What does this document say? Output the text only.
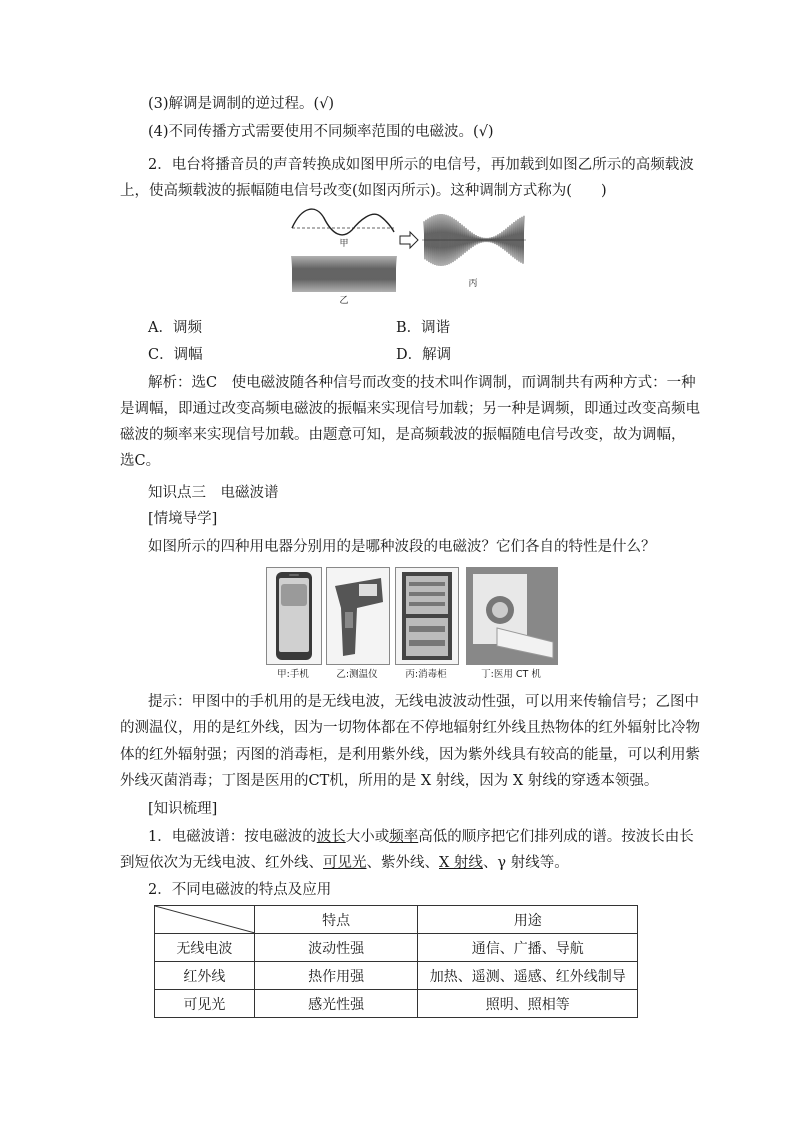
(3)解调是调制的逆过程。(√)
(4)不同传播方式需要使用不同频率范围的电磁波。(√)
2．电台将播音员的声音转换成如图甲所示的电信号，再加载到如图乙所示的高频载波
上，使高频载波的振幅随电信号改变(如图丙所示)。这种调制方式称为(　　)
甲
乙
丙
A．调频	B．调谐
C．调幅	D．解调
解析：选C　使电磁波随各种信号而改变的技术叫作调制，而调制共有两种方式：一种
是调幅，即通过改变高频电磁波的振幅来实现信号加载；另一种是调频，即通过改变高频电
磁波的频率来实现信号加载。由题意可知，是高频载波的振幅随电信号改变，故为调幅，
选C。
知识点三　电磁波谱
[情境导学]
如图所示的四种用电器分别用的是哪种波段的电磁波？它们各自的特性是什么？
甲:手机	乙:测温仪	丙:消毒柜	丁:医用 CT 机
提示：甲图中的手机用的是无线电波，无线电波波动性强，可以用来传输信号；乙图中
的测温仪，用的是红外线，因为一切物体都在不停地辐射红外线且热物体的红外辐射比冷物
体的红外辐射强；丙图的消毒柜，是利用紫外线，因为紫外线具有较高的能量，可以利用紫
外线灭菌消毒；丁图是医用的CT机，所用的是 X 射线，因为 X 射线的穿透本领强。
[知识梳理]
1．电磁波谱：按电磁波的波长大小或频率高低的顺序把它们排列成的谱。按波长由长
到短依次为无线电波、红外线、可见光、紫外线、X 射线、γ 射线等。
2．不同电磁波的特点及应用
	特点	用途
无线电波	波动性强	通信、广播、导航
红外线	热作用强	加热、遥测、遥感、红外线制导
可见光	感光性强	照明、照相等
